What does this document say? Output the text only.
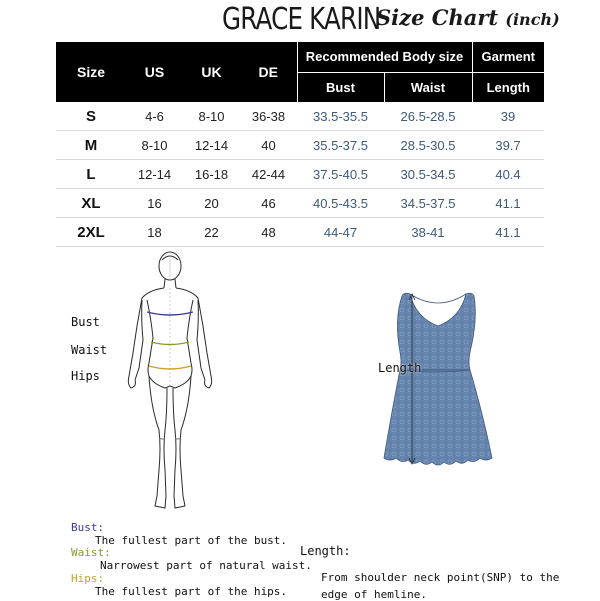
GRACE KARIN
Size Chart (inch)
Size	US	UK	DE	Recommended Body size		Garment
				Bust	Waist	Length
S	4-6	8-10	36-38	33.5-35.5	26.5-28.5	39
M	8-10	12-14	40	35.5-37.5	28.5-30.5	39.7
L	12-14	16-18	42-44	37.5-40.5	30.5-34.5	40.4
XL	16	20	46	40.5-43.5	34.5-37.5	41.1
2XL	18	22	48	44-47	38-41	41.1
Bust
Waist
Hips
Length
Bust:
The fullest part of the bust.
Waist:
Narrowest part of natural waist.
Hips:
The fullest part of the hips.
Length:
From shoulder neck point(SNP) to the
edge of hemline.
